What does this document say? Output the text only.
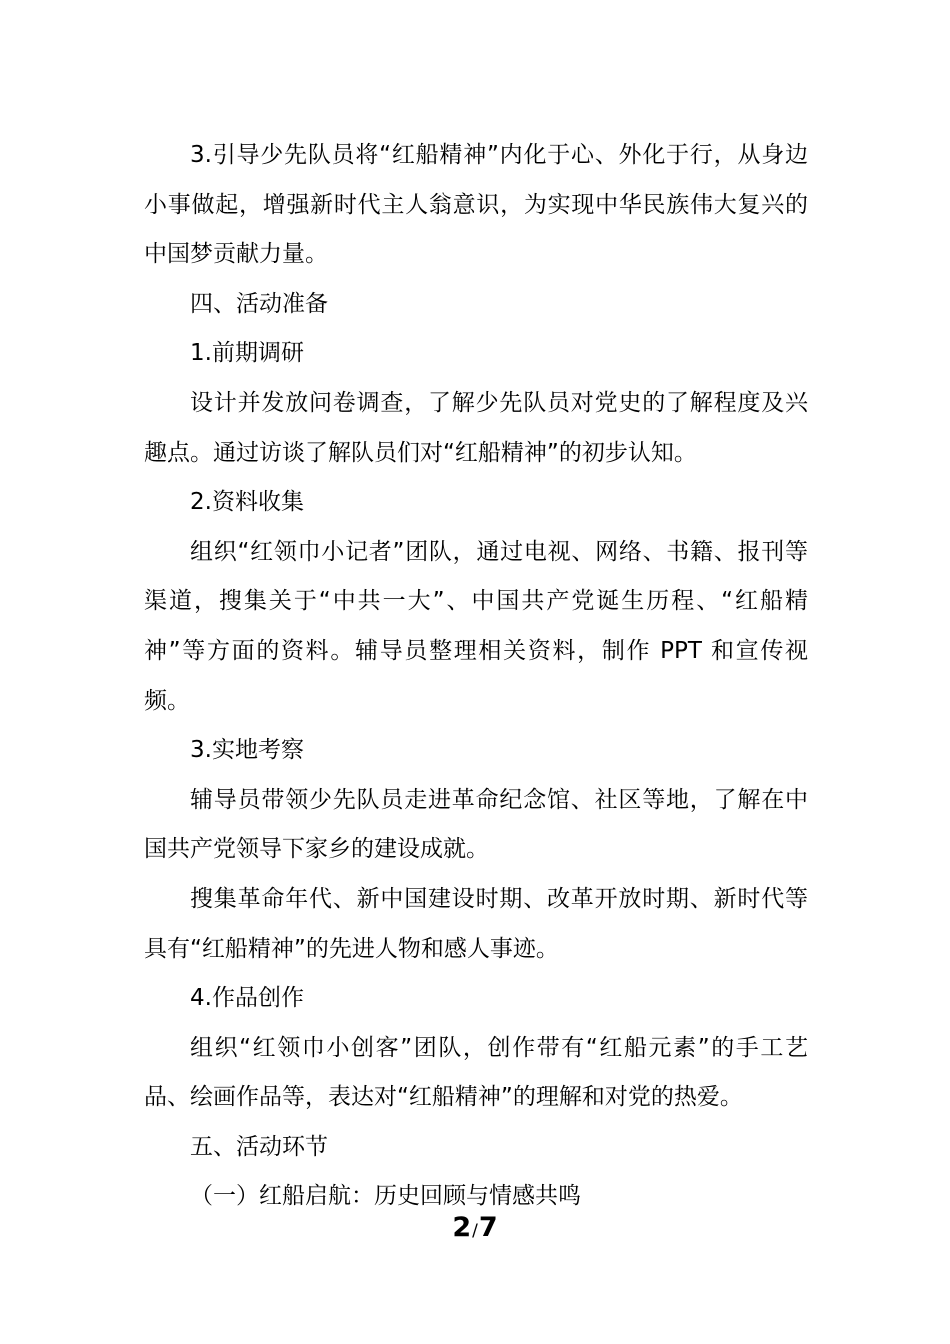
3.引导少先队员将“红船精神”内化于心、外化于行，从身边小事做起，增强新时代主人翁意识，为实现中华民族伟大复兴的中国梦贡献力量。

四、活动准备

1.前期调研

设计并发放问卷调查，了解少先队员对党史的了解程度及兴趣点。通过访谈了解队员们对“红船精神”的初步认知。

2.资料收集

组织“红领巾小记者”团队，通过电视、网络、书籍、报刊等渠道，搜集关于“中共一大”、中国共产党诞生历程、“红船精神”等方面的资料。辅导员整理相关资料，制作 PPT 和宣传视频。

3.实地考察

辅导员带领少先队员走进革命纪念馆、社区等地，了解在中国共产党领导下家乡的建设成就。

搜集革命年代、新中国建设时期、改革开放时期、新时代等具有“红船精神”的先进人物和感人事迹。

4.作品创作

组织“红领巾小创客”团队，创作带有“红船元素”的手工艺品、绘画作品等，表达对“红船精神”的理解和对党的热爱。

五、活动环节

（一）红船启航：历史回顾与情感共鸣

2/7
